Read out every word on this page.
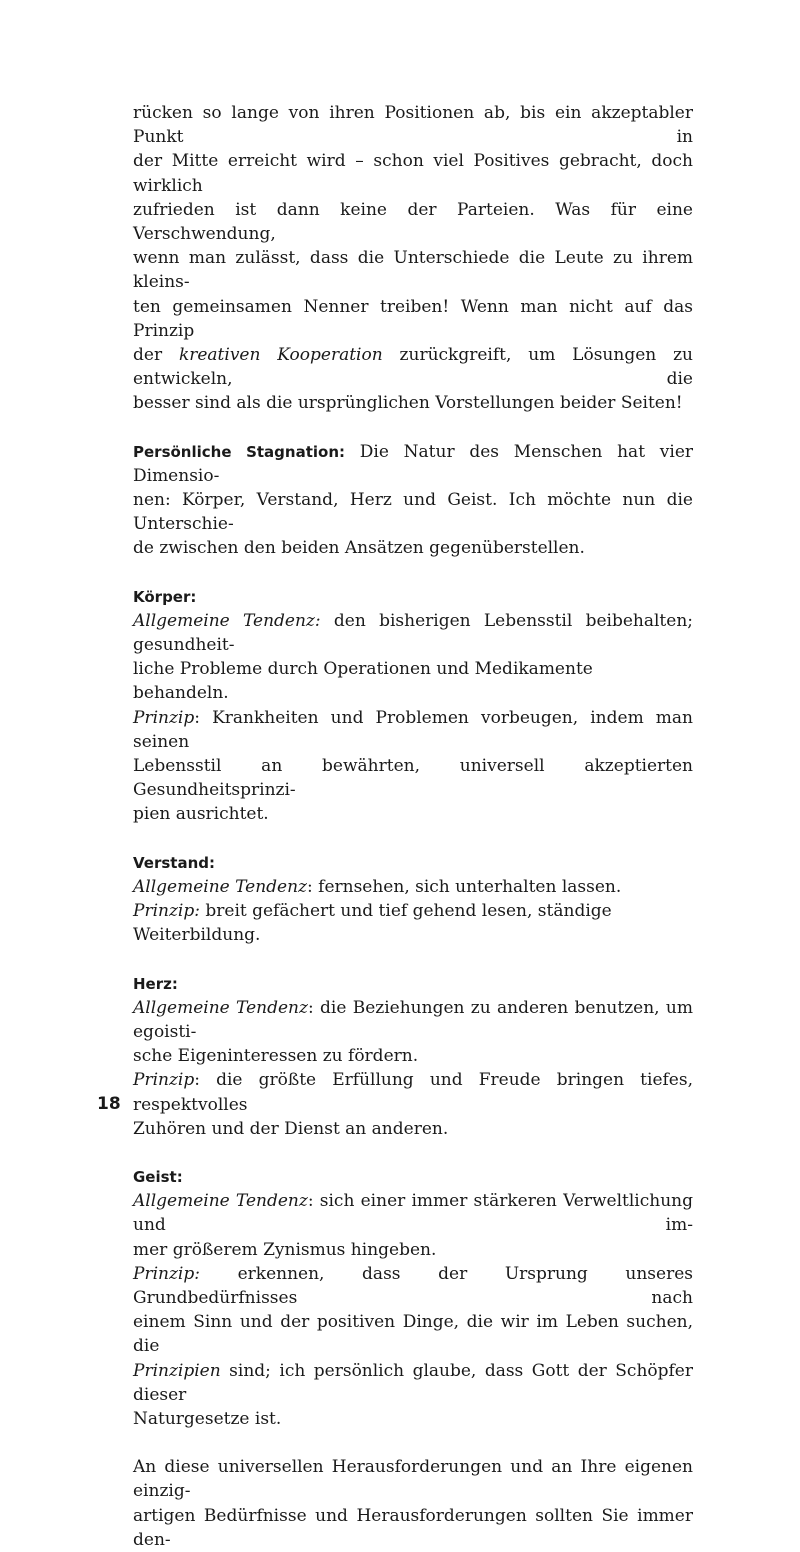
rücken so lange von ihren Positionen ab, bis ein akzeptabler Punkt in

der Mitte erreicht wird – schon viel Positives gebracht, doch wirklich

zufrieden ist dann keine der Parteien. Was für eine Verschwendung,

wenn man zulässt, dass die Unterschiede die Leute zu ihrem kleins-

ten gemeinsamen Nenner treiben! Wenn man nicht auf das Prinzip

der kreativen Kooperation zurückgreift, um Lösungen zu entwickeln, die

besser sind als die ursprünglichen Vorstellungen beider Seiten!

Persönliche Stagnation: Die Natur des Menschen hat vier Dimensio-

nen: Körper, Verstand, Herz und Geist. Ich möchte nun die Unterschie-

de zwischen den beiden Ansätzen gegenüberstellen.

Körper:

Allgemeine Tendenz: den bisherigen Lebensstil beibehalten; gesundheit-

liche Probleme durch Operationen und Medikamente behandeln.

Prinzip: Krankheiten und Problemen vorbeugen, indem man seinen

Lebensstil an bewährten, universell akzeptierten Gesundheitsprinzi-

pien ausrichtet.

Verstand:

Allgemeine Tendenz: fernsehen, sich unterhalten lassen.

Prinzip: breit gefächert und tief gehend lesen, ständige Weiterbildung.

Herz:

Allgemeine Tendenz: die Beziehungen zu anderen benutzen, um egoisti-

sche Eigeninteressen zu fördern.

Prinzip: die größte Erfüllung und Freude bringen tiefes, respektvolles

Zuhören und der Dienst an anderen.

Geist:

Allgemeine Tendenz: sich einer immer stärkeren Verweltlichung und im-

mer größerem Zynismus hingeben.

Prinzip: erkennen, dass der Ursprung unseres Grundbedürfnisses nach

einem Sinn und der positiven Dinge, die wir im Leben suchen, die

Prinzipien sind; ich persönlich glaube, dass Gott der Schöpfer dieser

Naturgesetze ist.

An diese universellen Herausforderungen und an Ihre eigenen einzig-

artigen Bedürfnisse und Herausforderungen sollten Sie immer den-

18
